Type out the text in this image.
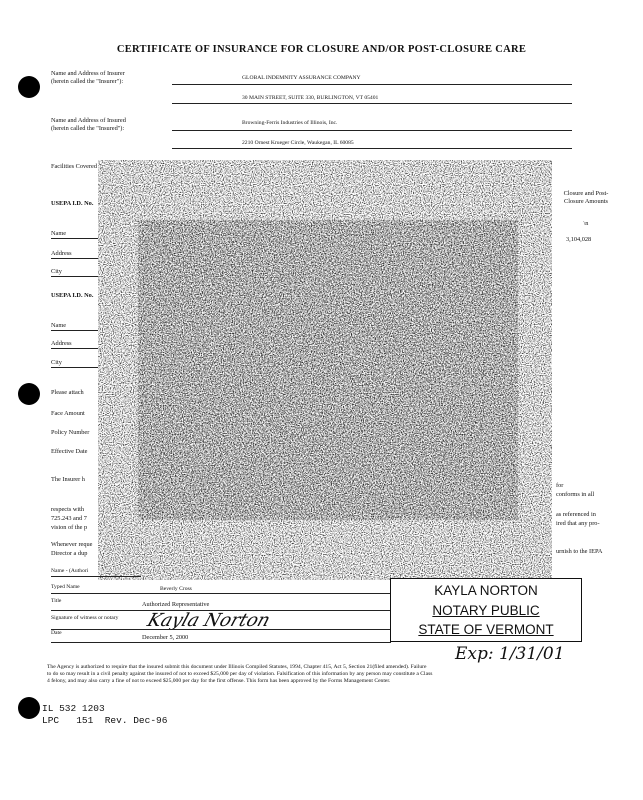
CERTIFICATE OF INSURANCE FOR CLOSURE AND/OR POST-CLOSURE CARE
Name and Address of Insurer
(herein called the "Insurer"):	GLOBAL INDEMNITY ASSURANCE COMPANY
30 MAIN STREET, SUITE 330, BURLINGTON, VT 05401
Name and Address of Insured
(herein called the "Insured"):
Browning-Ferris Industries of Illinois, Inc.
2210 Ornest Krueger Circle, Waukegan, IL 60085
Facilities Covered
USEPA I.D. No.
Name
Address
City
USEPA I.D. No.
Name
Address
City
Closure and Post-Closure Amounts
\n
3,104,028
Please attach
Face Amount
Policy Number
Effective Date
The Insurer h
for
conforms in all
respects with
as referenced in
725.243 and 7
ired that any pro-
vision of the p
Whenever reque
Director a dup	urnish to the IEPA
Name - (Authori
Typed Name	Beverly Cross
Title	Authorized Representative
Signature of witness or notary Kayla Norton
Date
December 5, 2000
KAYLA NORTON
NOTARY PUBLIC
STATE OF VERMONT
Exp: 1/31/01
The Agency is authorized to require that the insured submit this document under Illinois Compiled Statutes, 1994, Chapter 415, Act 5, Section 21(filed amended). Failure
to do so may result in a civil penalty against the insured of not to exceed $25,000 per day of violation. Falsification of this information by any person may constitute a Class
4 felony, and may also carry a fine of not to exceed $25,000 per day for the first offense. This form has been approved by the Forms Management Center.
IL 532 1203
LPC   151  Rev. Dec-96
